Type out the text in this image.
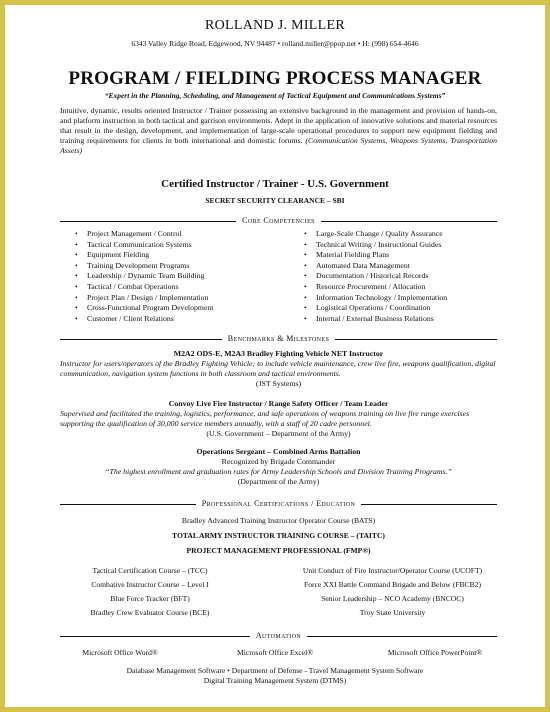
ROLLAND J. MILLER
6343 Valley Ridge Road, Edgewood, NV 94487 • rolland.miller@ppop.net • H: (998) 654-4646
PROGRAM / FIELDING PROCESS MANAGER
“Expert in the Planning, Scheduling, and Management of Tactical Equipment and Communications Systems”
Intuitive, dynamic, results oriented Instructor / Trainer possessing an extensive background in the management and provision of hands-on, and platform instruction in both tactical and garrison environments. Adept in the application of innovative solutions and material resources that result in the design, development, and implementation of large-scale operational procedures to support new equipment fielding and training requirements for clients in both international and domestic forums. (Communication Systems, Weapons Systems, Transportation Assets)
Certified Instructor / Trainer - U.S. Government
SECRET SECURITY CLEARANCE – SBI
Core Competencies
• Project Management / Control
• Tactical Communication Systems
• Equipment Fielding
• Training Development Programs
• Leadership / Dynamic Team Building
• Tactical / Combat Operations
• Project Plan / Design / Implementation
• Cross-Functional Program Development
• Customer / Client Relations
• Large-Scale Change / Quality Assurance
• Technical Writing / Instructional Guides
• Material Fielding Plans
• Automated Data Management
• Documentation / Historical Records
• Resource Procurement / Allocation
• Information Technology / Implementation
• Logistical Operations / Coordination
• Internal / External Business Relations
Benchmarks & Milestones
M2A2 ODS-E, M2A3 Bradley Fighting Vehicle NET Instructor
Instructor for users/operators of the Bradley Fighting Vehicle; to include vehicle maintenance, crew live fire, weapons qualification, digital communication, navigation system functions in both classroom and tactical environments.
(JST Systems)
Convoy Live Fire Instructor / Range Safety Officer / Team Leader
Supervised and facilitated the training, logistics, performance, and safe operations of weapons training on live fire range exercises supporting the qualification of 30,000 service members annually, with a staff of 20 cadre personnel.
(U.S. Government – Department of the Army)
Operations Sergeant – Combined Arms Battalion
Recognized by Brigade Commander
“The highest enrollment and graduation rates for Army Leadership Schools and Division Training Programs.”
(Department of the Army)
Professional Certifications / Education
Bradley Advanced Training Instructor Operator Course (BATS)
TOTAL ARMY INSTRUCTOR TRAINING COURSE – (TAITC)
PROJECT MANAGEMENT PROFESSIONAL (FMP®)
Tactical Certification Course – (TCC)
Combative Instructor Course – Level I
Blue Force Tracker (BFT)
Bradley Crew Evaluator Course (BCE)
Unit Conduct of Fire Instructor/Operator Course (UCOFT)
Force XXI Battle Command Brigade and Below (FBCB2)
Senior Leadership – NCO Academy (BNCOC)
Troy State University
Automation
Microsoft Office Word®	Microsoft Office Excel®	Microsoft Office PowerPoint®
Database Management Software • Department of Defense - Travel Management System Software
Digital Training Management System (DTMS)
